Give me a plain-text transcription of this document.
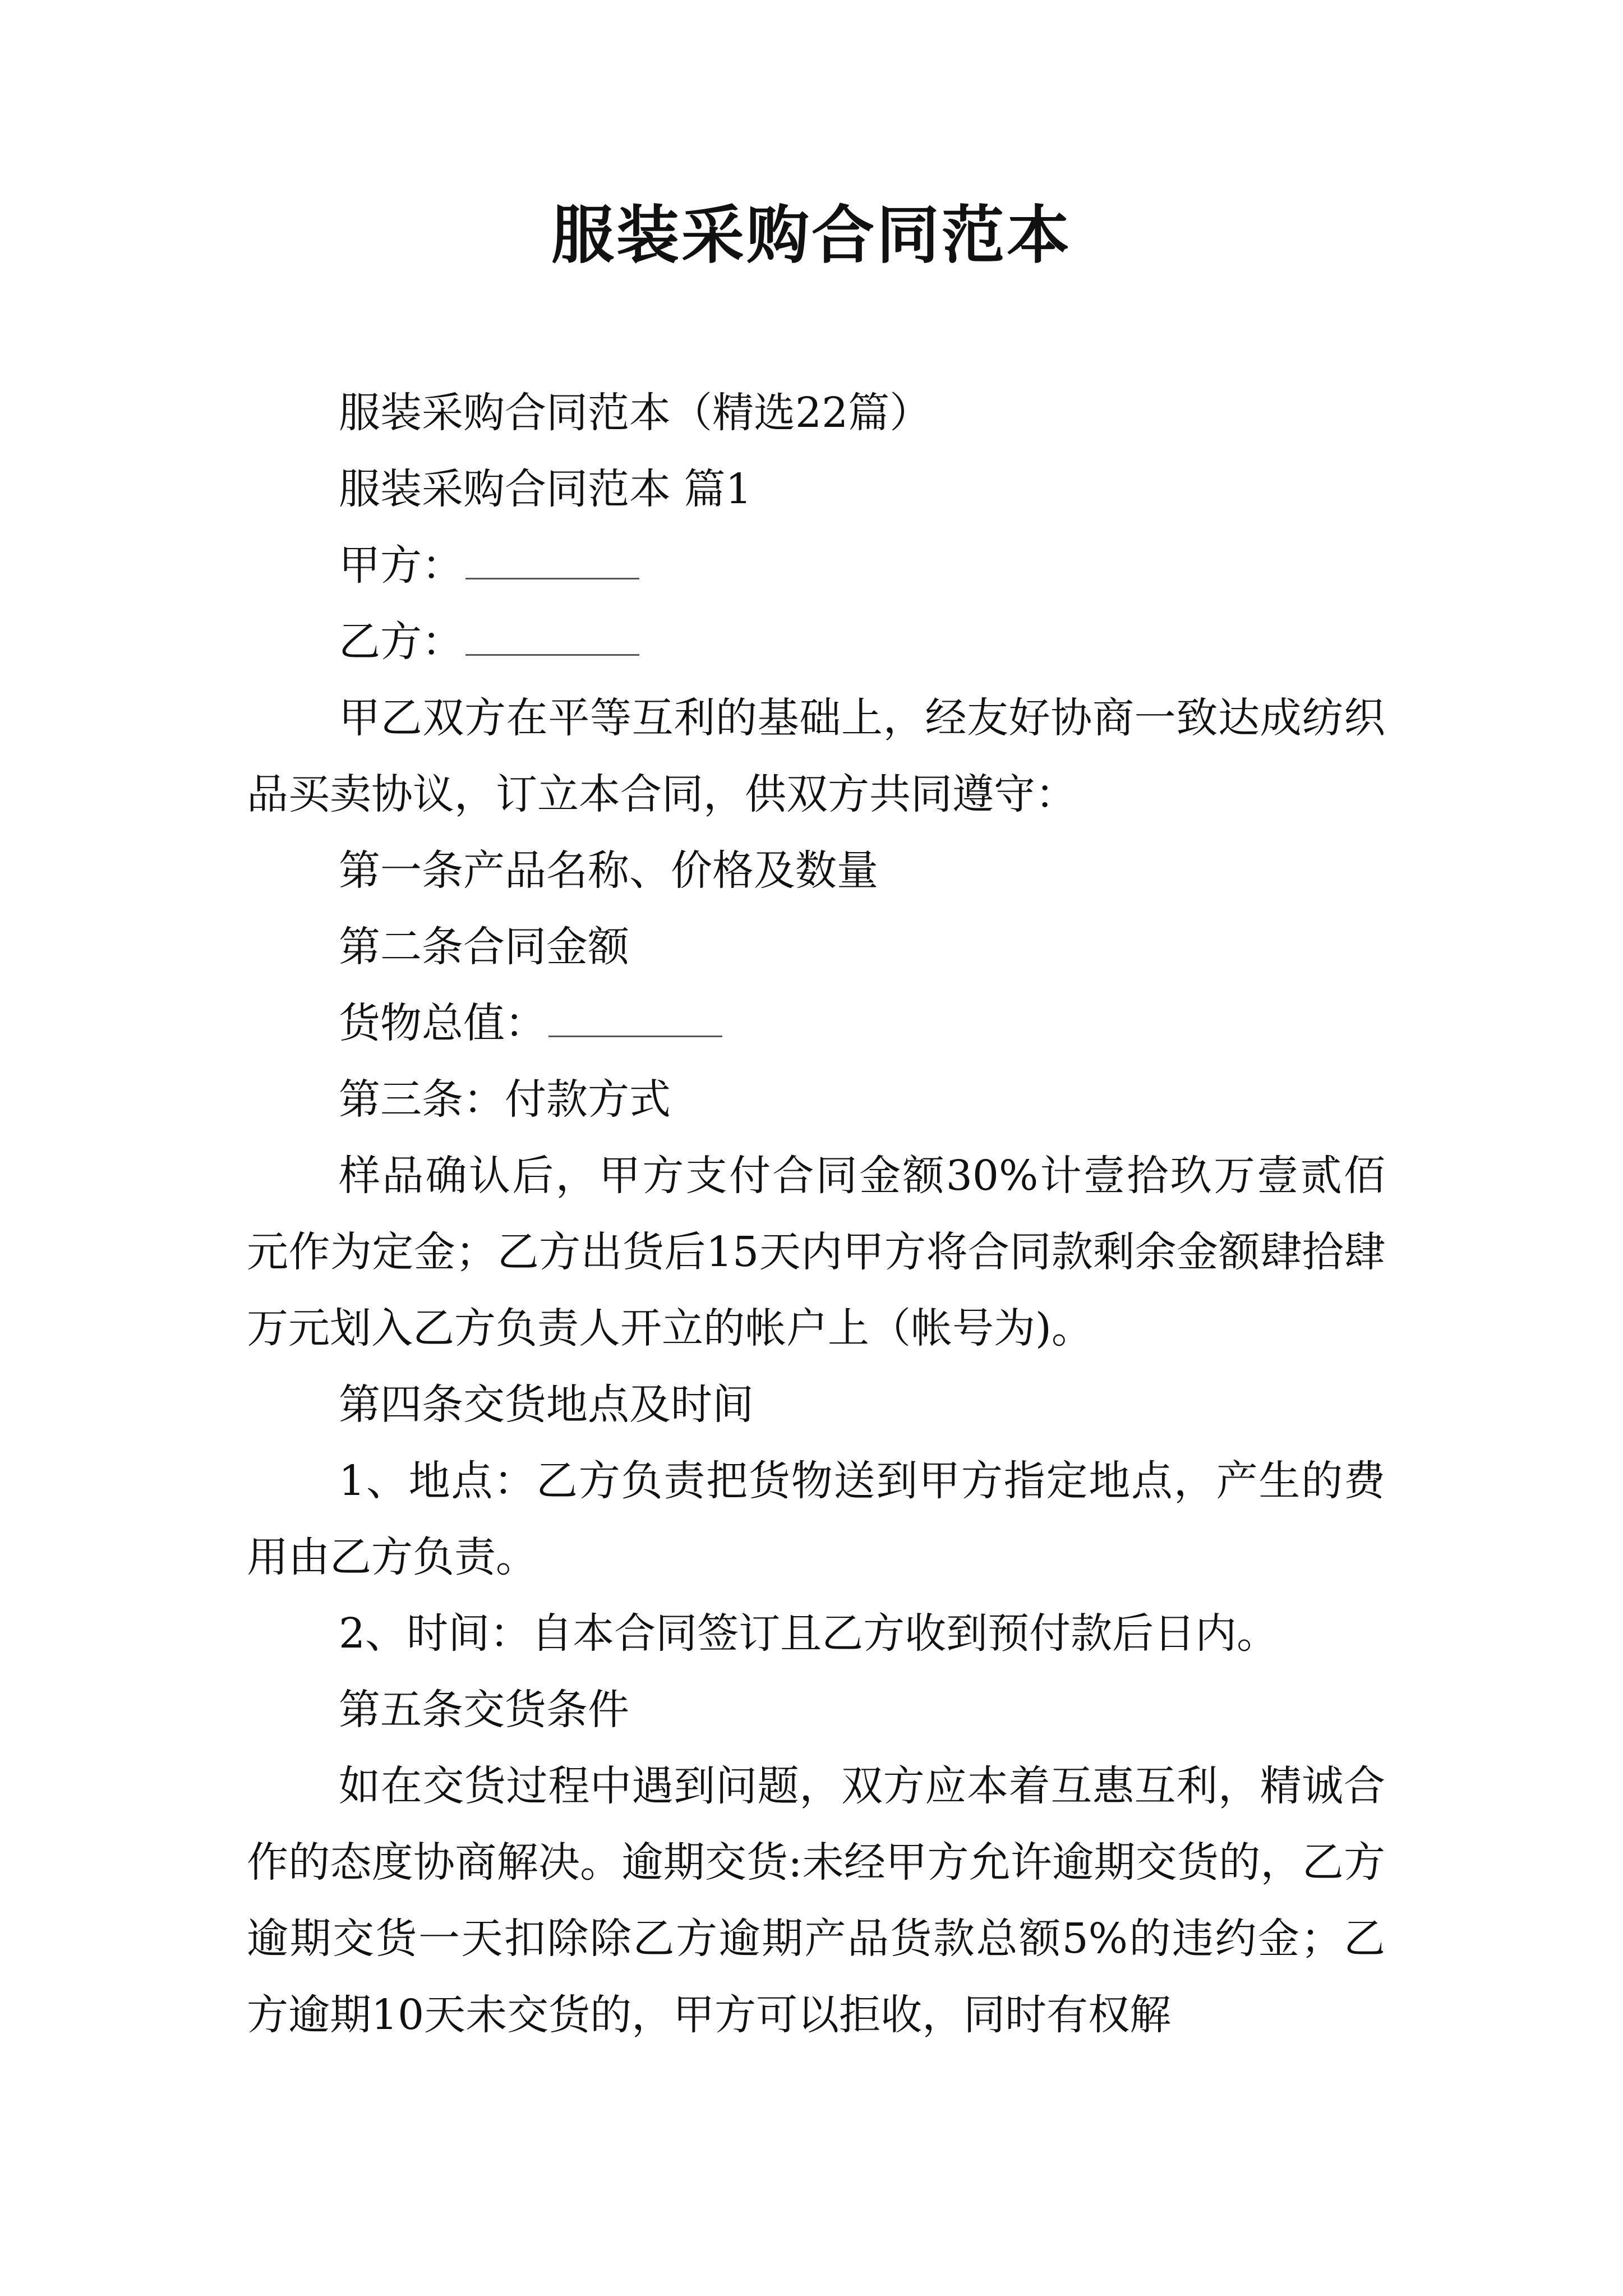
服装采购合同范本

服装采购合同范本（精选22篇）

服装采购合同范本 篇1

甲方：

乙方：

甲乙双方在平等互利的基础上，经友好协商一致达成纺织品买卖协议，订立本合同，供双方共同遵守：

第一条产品名称、价格及数量

第二条合同金额

货物总值：

第三条：付款方式

样品确认后，甲方支付合同金额30%计壹拾玖万壹贰佰元作为定金；乙方出货后15天内甲方将合同款剩余金额肆拾肆万元划入乙方负责人开立的帐户上（帐号为)。

第四条交货地点及时间

1、地点：乙方负责把货物送到甲方指定地点，产生的费用由乙方负责。

2、时间：自本合同签订且乙方收到预付款后日内。

第五条交货条件

如在交货过程中遇到问题，双方应本着互惠互利，精诚合作的态度协商解决。逾期交货:未经甲方允许逾期交货的，乙方逾期交货一天扣除除乙方逾期产品货款总额5%的违约金；乙方逾期10天未交货的，甲方可以拒收，同时有权解
